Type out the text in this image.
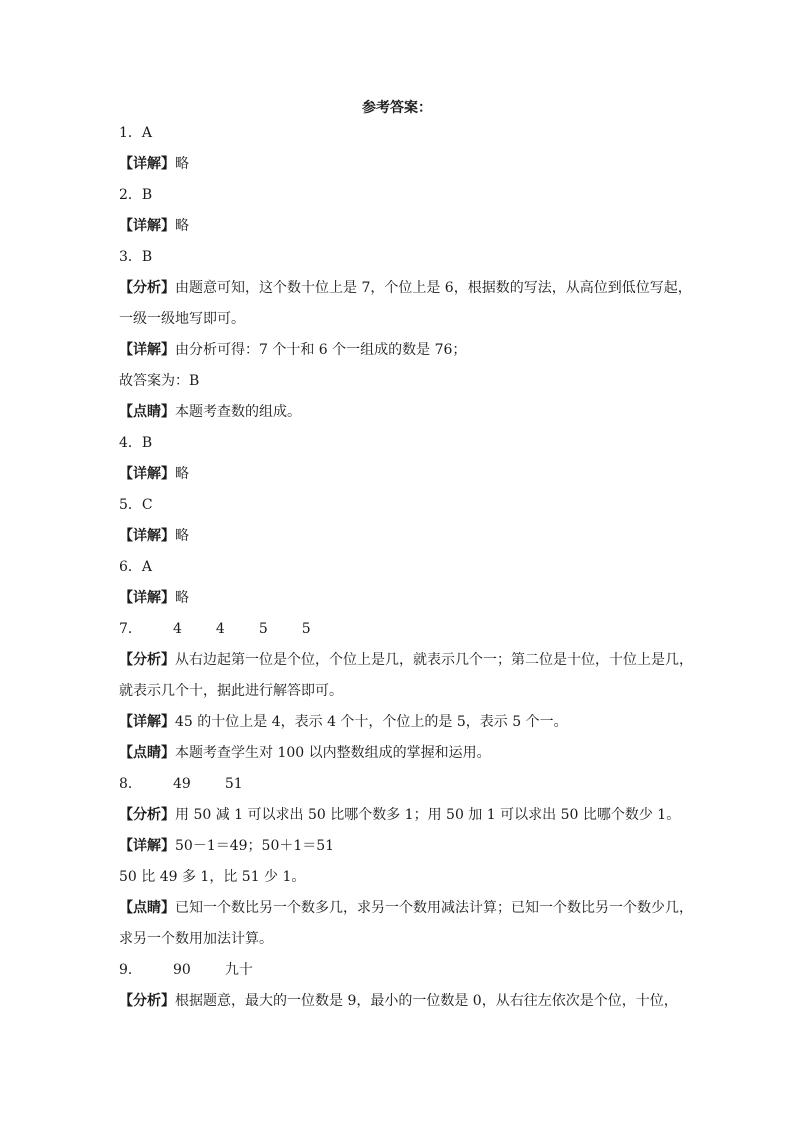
参考答案：
1．A
【详解】略
2．B
【详解】略
3．B
【分析】由题意可知，这个数十位上是 7，个位上是 6，根据数的写法，从高位到低位写起，
一级一级地写即可。
【详解】由分析可得：7 个十和 6 个一组成的数是 76；
故答案为：B
【点睛】本题考查数的组成。
4．B
【详解】略
5．C
【详解】略
6．A
【详解】略
7． 4 4 5 5
【分析】从右边起第一位是个位，个位上是几，就表示几个一；第二位是十位，十位上是几，
就表示几个十，据此进行解答即可。
【详解】45 的十位上是 4，表示 4 个十，个位上的是 5，表示 5 个一。
【点睛】本题考查学生对 100 以内整数组成的掌握和运用。
8． 49 51
【分析】用 50 减 1 可以求出 50 比哪个数多 1；用 50 加 1 可以求出 50 比哪个数少 1。
【详解】50－1＝49；50＋1＝51
50 比 49 多 1，比 51 少 1。
【点睛】已知一个数比另一个数多几，求另一个数用减法计算；已知一个数比另一个数少几，
求另一个数用加法计算。
9． 90 九十
【分析】根据题意，最大的一位数是 9，最小的一位数是 0，从右往左依次是个位，十位，
